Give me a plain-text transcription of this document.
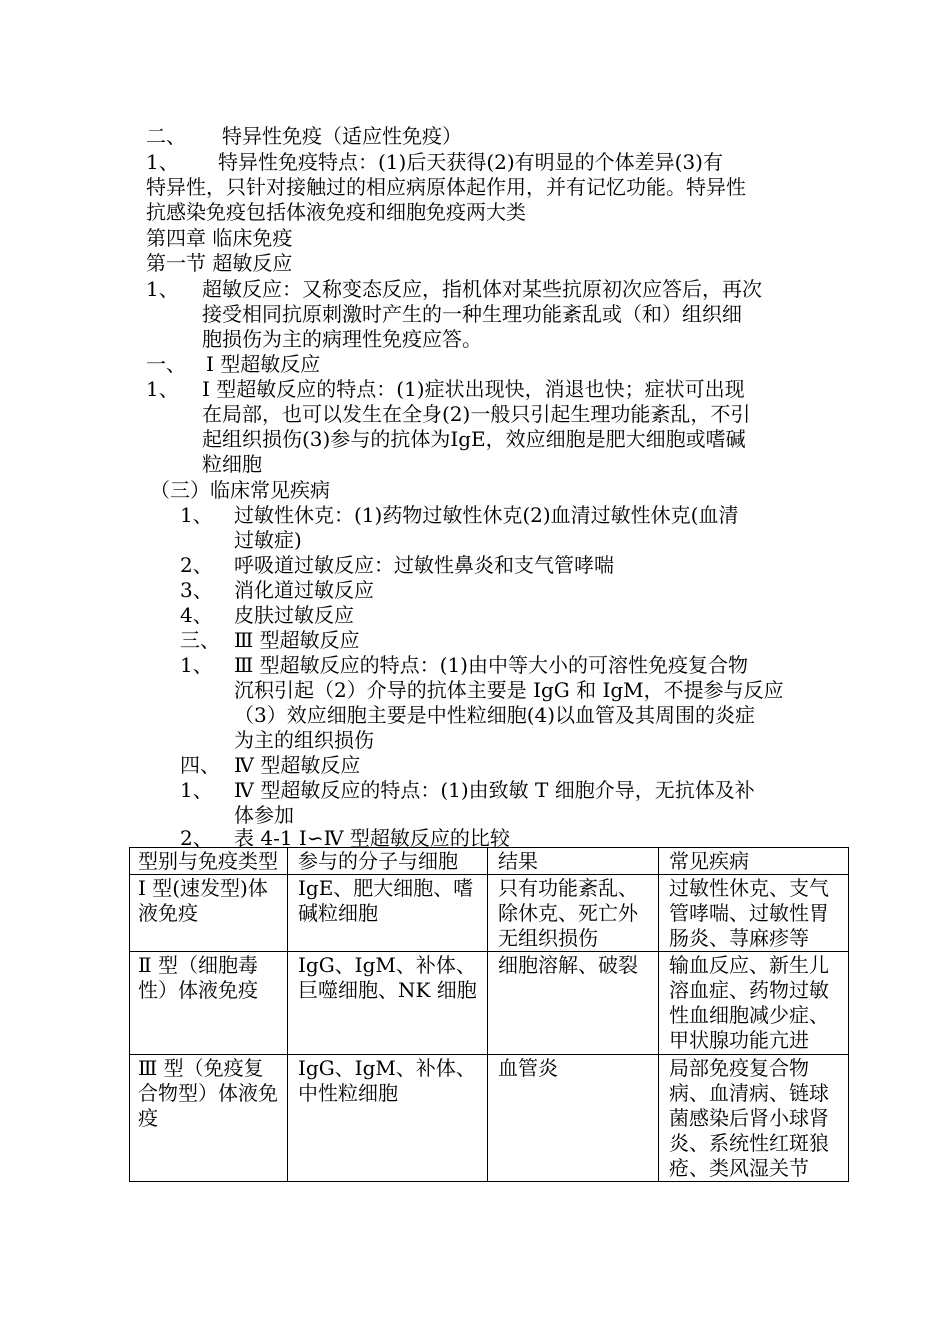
二、 特异性免疫（适应性免疫）
1、 特异性免疫特点：(1)后天获得(2)有明显的个体差异(3)有
特异性，只针对接触过的相应病原体起作用，并有记忆功能。特异性
抗感染免疫包括体液免疫和细胞免疫两大类
第四章 临床免疫
第一节 超敏反应
1、 超敏反应：又称变态反应，指机体对某些抗原初次应答后，再次
接受相同抗原刺激时产生的一种生理功能紊乱或（和）组织细
胞损伤为主的病理性免疫应答。
一、 Ⅰ 型超敏反应
1、 Ⅰ 型超敏反应的特点：(1)症状出现快，消退也快；症状可出现
在局部，也可以发生在全身(2)一般只引起生理功能紊乱，不引
起组织损伤(3)参与的抗体为IgE，效应细胞是肥大细胞或嗜碱
粒细胞
（三）临床常见疾病
1、 过敏性休克：(1)药物过敏性休克(2)血清过敏性休克(血清
过敏症)
2、 呼吸道过敏反应：过敏性鼻炎和支气管哮喘
3、 消化道过敏反应
4、 皮肤过敏反应
三、 Ⅲ 型超敏反应
1、 Ⅲ 型超敏反应的特点：(1)由中等大小的可溶性免疫复合物
沉积引起（2）介导的抗体主要是 IgG 和 IgM，不提参与反应
（3）效应细胞主要是中性粒细胞(4)以血管及其周围的炎症
为主的组织损伤
四、 Ⅳ 型超敏反应
1、 Ⅳ 型超敏反应的特点：(1)由致敏 T 细胞介导，无抗体及补
体参加
2、 表 4-1 Ⅰ∽Ⅳ 型超敏反应的比较
型别与免疫类型	参与的分子与细胞	结果	常见疾病
Ⅰ 型(速发型)体液免疫	IgE、肥大细胞、嗜碱粒细胞	只有功能紊乱、除休克、死亡外无组织损伤	过敏性休克、支气管哮喘、过敏性胃肠炎、荨麻疹等
Ⅱ 型（细胞毒性）体液免疫	IgG、IgM、补体、巨噬细胞、NK 细胞	细胞溶解、破裂	输血反应、新生儿溶血症、药物过敏性血细胞减少症、甲状腺功能亢进
Ⅲ 型（免疫复合物型）体液免疫	IgG、IgM、补体、中性粒细胞	血管炎	局部免疫复合物病、血清病、链球菌感染后肾小球肾炎、系统性红斑狼疮、类风湿关节
